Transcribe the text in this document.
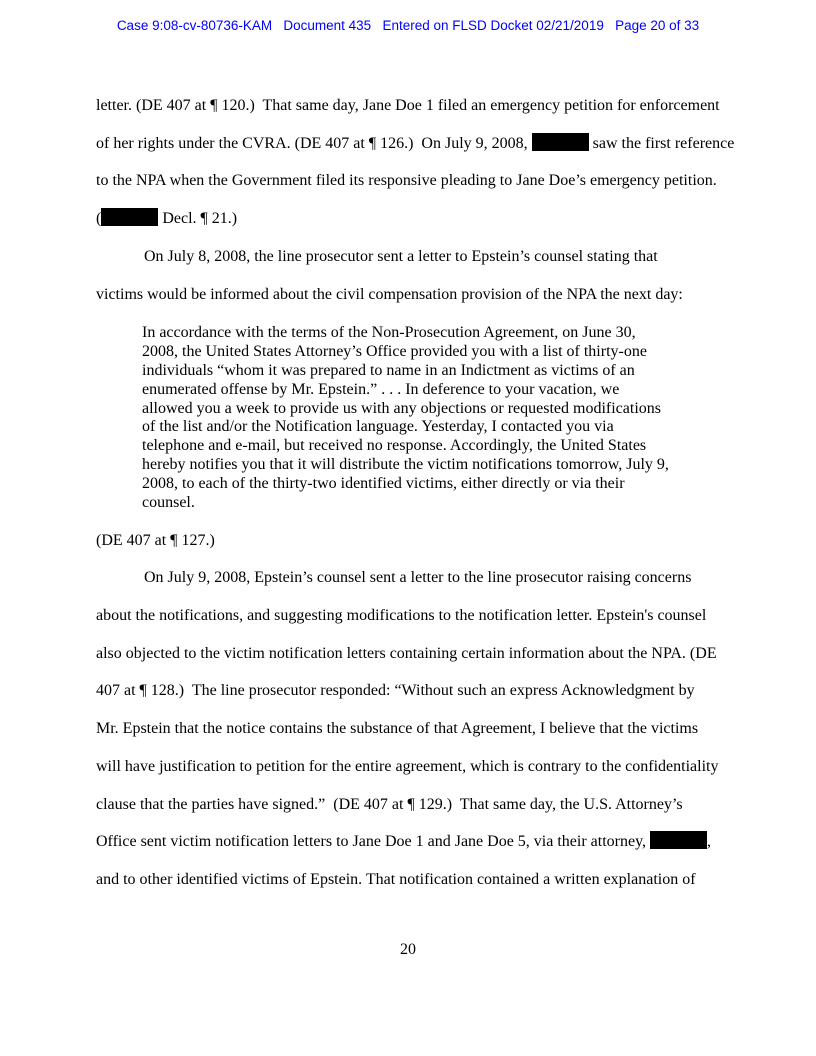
Case 9:08-cv-80736-KAM   Document 435   Entered on FLSD Docket 02/21/2019   Page 20 of 33
letter. (DE 407 at ¶ 120.)  That same day, Jane Doe 1 filed an emergency petition for enforcement
of her rights under the CVRA. (DE 407 at ¶ 126.)  On July 9, 2008,	saw the first reference
to the NPA when the Government filed its responsive pleading to Jane Doe’s emergency petition.
(	Decl. ¶ 21.)
On July 8, 2008, the line prosecutor sent a letter to Epstein’s counsel stating that
victims would be informed about the civil compensation provision of the NPA the next day:
In accordance with the terms of the Non-Prosecution Agreement, on June 30,
2008, the United States Attorney’s Office provided you with a list of thirty-one
individuals “whom it was prepared to name in an Indictment as victims of an
enumerated offense by Mr. Epstein.” . . . In deference to your vacation, we
allowed you a week to provide us with any objections or requested modifications
of the list and/or the Notification language. Yesterday, I contacted you via
telephone and e-mail, but received no response. Accordingly, the United States
hereby notifies you that it will distribute the victim notifications tomorrow, July 9,
2008, to each of the thirty-two identified victims, either directly or via their
counsel.
(DE 407 at ¶ 127.)
On July 9, 2008, Epstein’s counsel sent a letter to the line prosecutor raising concerns
about the notifications, and suggesting modifications to the notification letter. Epstein's counsel
also objected to the victim notification letters containing certain information about the NPA. (DE
407 at ¶ 128.)  The line prosecutor responded: “Without such an express Acknowledgment by
Mr. Epstein that the notice contains the substance of that Agreement, I believe that the victims
will have justification to petition for the entire agreement, which is contrary to the confidentiality
clause that the parties have signed.”  (DE 407 at ¶ 129.)  That same day, the U.S. Attorney’s
Office sent victim notification letters to Jane Doe 1 and Jane Doe 5, via their attorney,	,
and to other identified victims of Epstein. That notification contained a written explanation of
20
